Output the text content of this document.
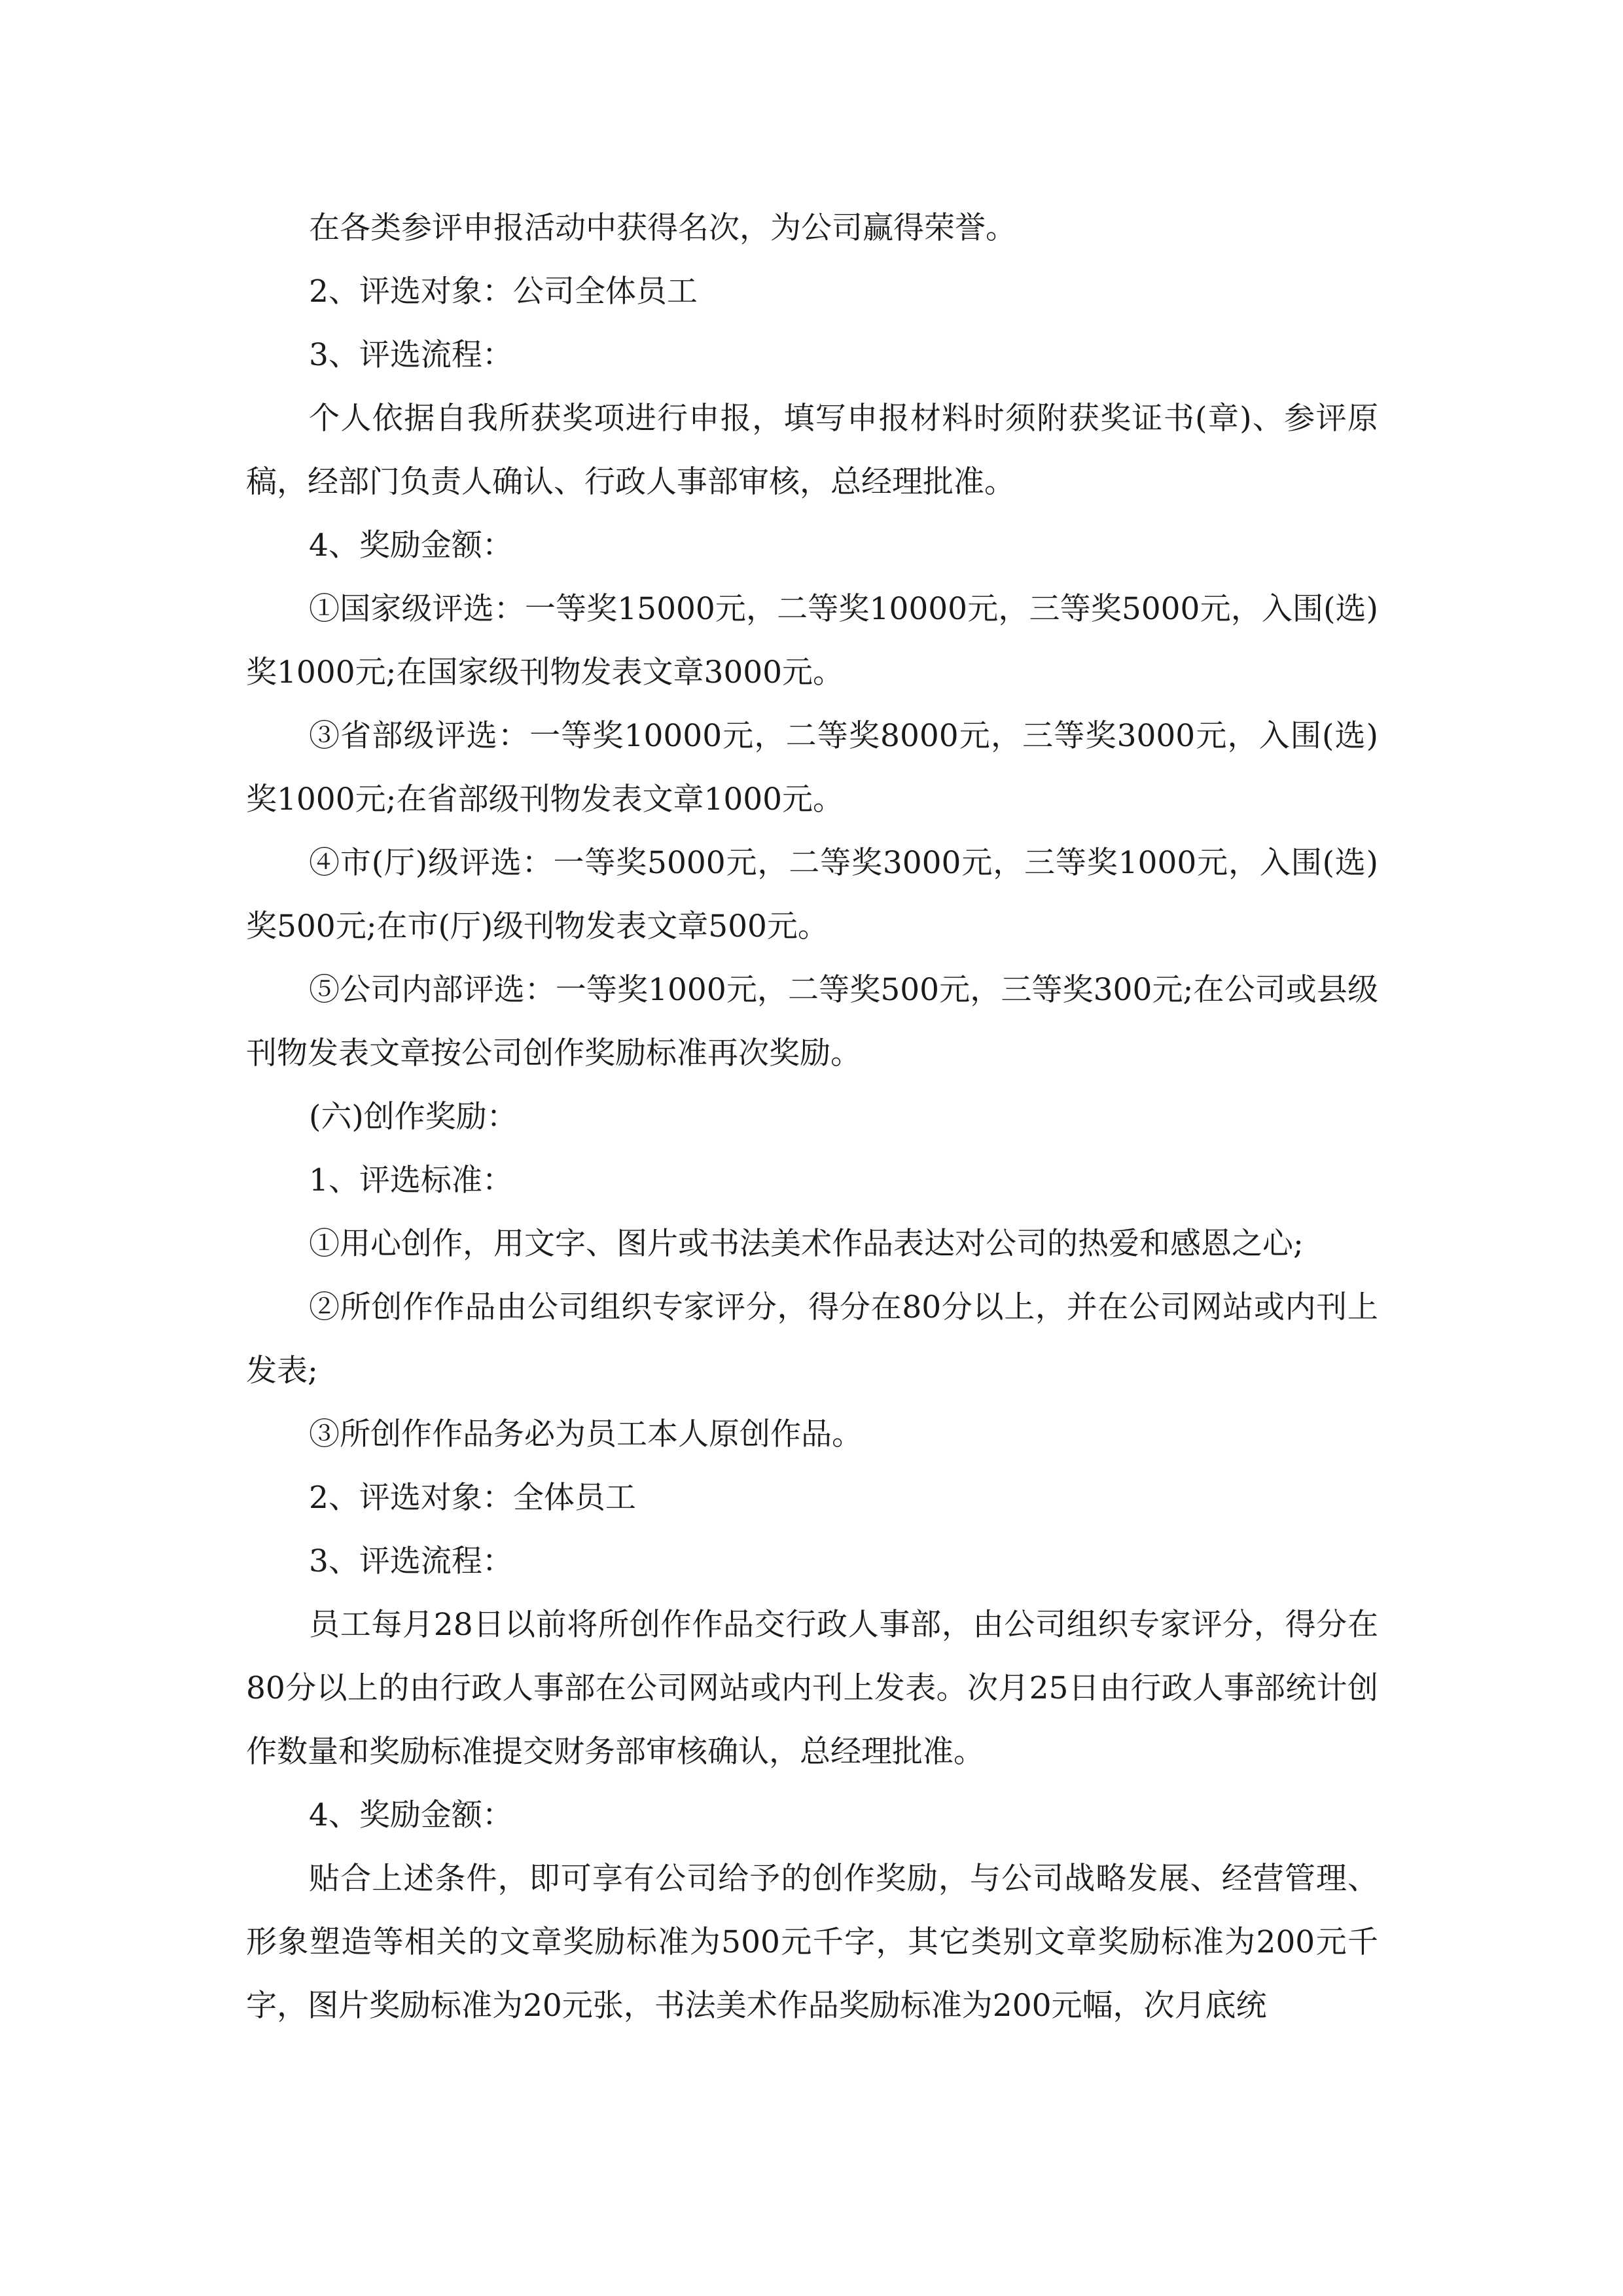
在各类参评申报活动中获得名次，为公司赢得荣誉。

2、评选对象：公司全体员工

3、评选流程：

个人依据自我所获奖项进行申报，填写申报材料时须附获奖证书(章)、参评原稿，经部门负责人确认、行政人事部审核，总经理批准。

4、奖励金额：

①国家级评选：一等奖15000元，二等奖10000元，三等奖5000元，入围(选)奖1000元;在国家级刊物发表文章3000元。

③省部级评选：一等奖10000元，二等奖8000元，三等奖3000元，入围(选)奖1000元;在省部级刊物发表文章1000元。

④市(厅)级评选：一等奖5000元，二等奖3000元，三等奖1000元，入围(选)奖500元;在市(厅)级刊物发表文章500元。

⑤公司内部评选：一等奖1000元，二等奖500元，三等奖300元;在公司或县级刊物发表文章按公司创作奖励标准再次奖励。

(六)创作奖励：

1、评选标准：

①用心创作，用文字、图片或书法美术作品表达对公司的热爱和感恩之心;

②所创作作品由公司组织专家评分，得分在80分以上，并在公司网站或内刊上发表;

③所创作作品务必为员工本人原创作品。

2、评选对象：全体员工

3、评选流程：

员工每月28日以前将所创作作品交行政人事部，由公司组织专家评分，得分在80分以上的由行政人事部在公司网站或内刊上发表。次月25日由行政人事部统计创作数量和奖励标准提交财务部审核确认，总经理批准。

4、奖励金额：

贴合上述条件，即可享有公司给予的创作奖励，与公司战略发展、经营管理、形象塑造等相关的文章奖励标准为500元千字，其它类别文章奖励标准为200元千字，图片奖励标准为20元张，书法美术作品奖励标准为200元幅，次月底统
